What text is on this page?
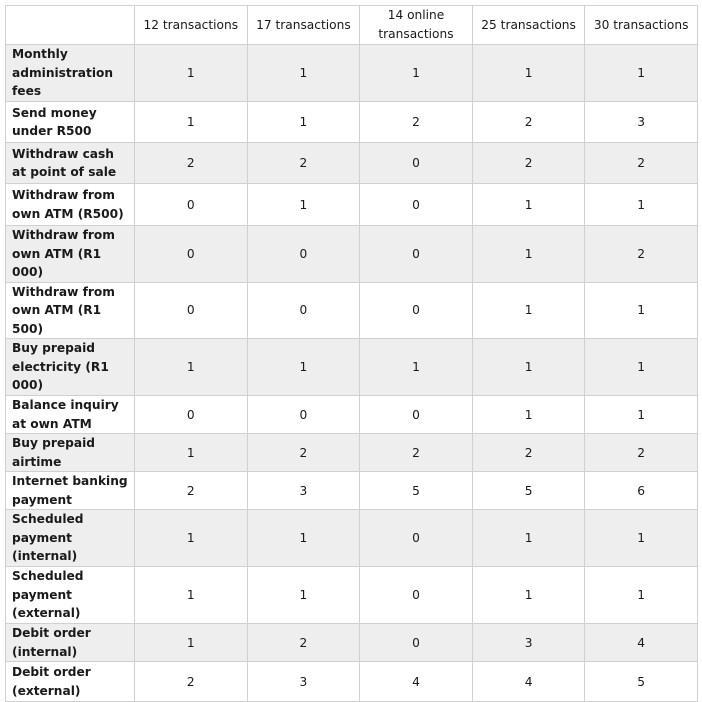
	12 transactions	17 transactions	14 online transactions	25 transactions	30 transactions
Monthly administration fees	1	1	1	1	1
Send money under R500	1	1	2	2	3
Withdraw cash at point of sale	2	2	0	2	2
Withdraw from own ATM (R500)	0	1	0	1	1
Withdraw from own ATM (R1 000)	0	0	0	1	2
Withdraw from own ATM (R1 500)	0	0	0	1	1
Buy prepaid electricity (R1 000)	1	1	1	1	1
Balance inquiry at own ATM	0	0	0	1	1
Buy prepaid airtime	1	2	2	2	2
Internet banking payment	2	3	5	5	6
Scheduled payment (internal)	1	1	0	1	1
Scheduled payment (external)	1	1	0	1	1
Debit order (internal)	1	2	0	3	4
Debit order (external)	2	3	4	4	5
